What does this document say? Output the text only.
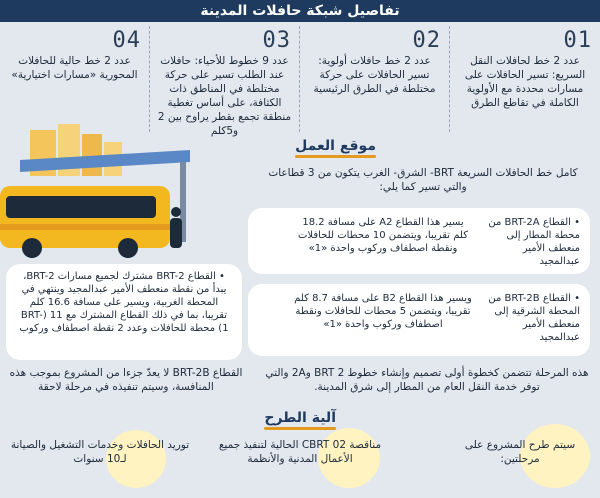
تفاصيل شبكة حافلات المدينة
01
عدد 2 خط لحافلات النقل السريع: تسير الحافلات على مسارات محددة مع الأولوية الكاملة في تقاطع الطرق
02
عدد 2 خط حافلات أولوية: تسير الحافلات على حركة مختلطة في الطرق الرئيسية
03
عدد 9 خطوط للأحياء: حافلات عند الطلب تسير على حركة مختلطة في المناطق ذات الكثافة، على أساس تغطية منطقة تجمع بقطر يراوح بين 2 و5كلم
04
عدد 2 خط حالية للحافلات المحورية «مسارات اختيارية»
موقع العمل
كامل خط الحافلات السريعة BRT- الشرق- الغرب يتكون من 3 قطاعات والتي تسير كما يلي:
• القطاع BRT-2A من محطة المطار إلى منعطف الأمير عبدالمجيد
يسير هذا القطاع A2 على مسافة 18.2 كلم تقريبا، ويتضمن 10 محطات للحافلات ونقطة اصطفاف وركوب واحدة «1»
• القطاع BRT-2B من المحطة الشرقية إلى منعطف الأمير عبدالمجيد
ويسير هذا القطاع B2 على مسافة 8.7 كلم تقريبا، ويتضمن 5 محطات للحافلات ونقطة اصطفاف وركوب واحدة «1»
• القطاع BRT-2 مشترك لجميع مسارات BRT-2، يبدأ من نقطة منعطف الأمير عبدالمجيد وينتهي في المحطة الغربية، ويسير على مسافة 16.6 كلم تقريبا، بما في ذلك القطاع المشترك مع 11 (BRT-1) محطة للحافلات وعدد 2 نقطة اصطفاف وركوب
القطاع BRT-2B لا يعدّ جزءا من المشروع بموجب هذه المنافسة، وسيتم تنفيذه في مرحلة لاحقة
هذه المرحلة تتضمن كخطوة أولى تصميم وإنشاء خطوط BRT 2 و2A والتي توفر خدمة النقل العام من المطار إلى شرق المدينة.
آلية الطرح
سيتم طرح المشروع على مرحلتين:
مناقصة CBRT 02 الحالية لتنفيذ جميع الأعمال المدنية والأنظمة
توريد الحافلات وخدمات التشغيل والصيانة لـ10 سنوات
